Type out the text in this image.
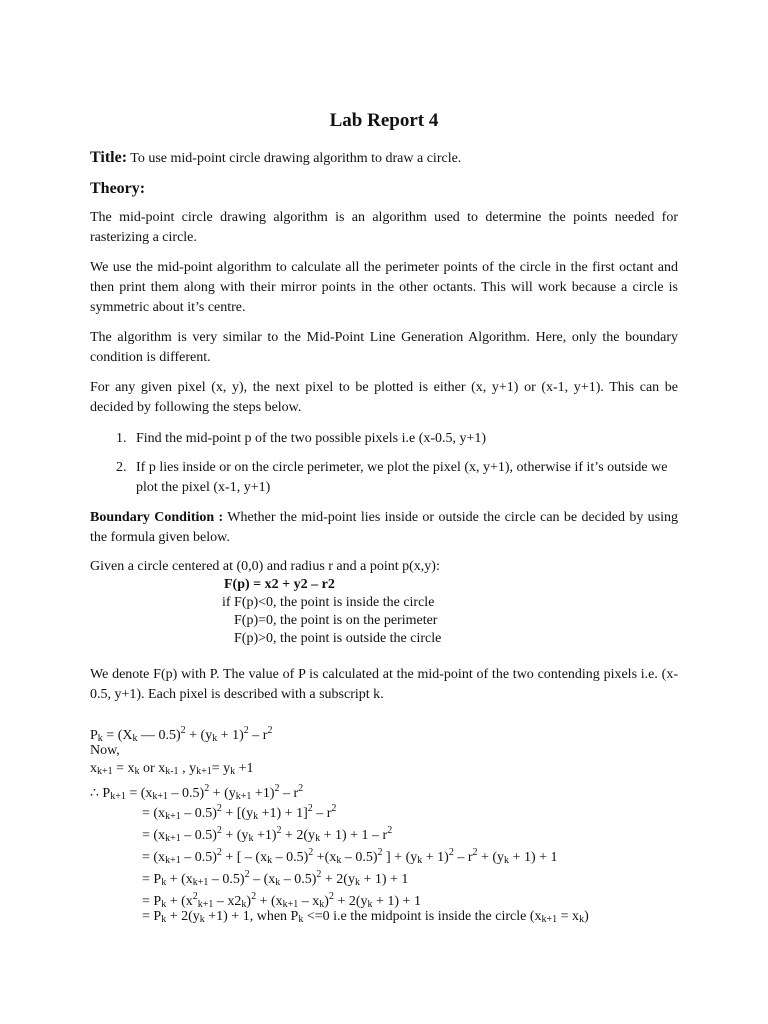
Lab Report 4
Title: To use mid-point circle drawing algorithm to draw a circle.
Theory:

The mid-point circle drawing algorithm is an algorithm used to determine the points needed for rasterizing a circle.

We use the mid-point algorithm to calculate all the perimeter points of the circle in the first octant and then print them along with their mirror points in the other octants. This will work because a circle is symmetric about it’s centre.

The algorithm is very similar to the Mid-Point Line Generation Algorithm. Here, only the boundary condition is different.

For any given pixel (x, y), the next pixel to be plotted is either (x, y+1) or (x-1, y+1). This can be decided by following the steps below.

1. Find the mid-point p of the two possible pixels i.e (x-0.5, y+1)
2. If p lies inside or on the circle perimeter, we plot the pixel (x, y+1), otherwise if it’s outside we plot the pixel (x-1, y+1)

Boundary Condition : Whether the mid-point lies inside or outside the circle can be decided by using the formula given below.

Given a circle centered at (0,0) and radius r and a point p(x,y):
F(p) = x2 + y2 – r2
if F(p)<0, the point is inside the circle
F(p)=0, the point is on the perimeter
F(p)>0, the point is outside the circle

We denote F(p) with P. The value of P is calculated at the mid-point of the two contending pixels i.e. (x-0.5, y+1). Each pixel is described with a subscript k.

$P_k = (X_k$ — $0.5)^2 + (y_k + 1)^2 - r^2$
Now,
$x_{k+1} = x_k$ or $x_{k-1}$ , $y_{k+1}= y_k +1$
∴ $P_{k+1} = (x_{k+1} - 0.5)^2 + (y_{k+1} +1)^2 - r^2$
= $(x_{k+1} - 0.5)^2 + [(y_k +1) + 1]^2 - r^2$
= $(x_{k+1} - 0.5)^2 + (y_k +1)^2 + 2(y_k + 1) + 1 - r^2$
= $(x_{k+1} - 0.5)^2$ + [ – $(x_k - 0.5)^2 +(x_k - 0.5)^2$ ] + $(y_k + 1)^2 - r^2 + (y_k + 1) + 1$
= $P_k + (x_{k+1} - 0.5)^2 - (x_k - 0.5)^2 + 2(y_k + 1) + 1$
= $P_k + (x^2_{k+1} - x2_k)^2 + (x_{k+1} - x_k)^2 + 2(y_k + 1) + 1$
= $P_k + 2(y_k +1) + 1$, when $P_k <=0$ i.e the midpoint is inside the circle $(x_{k+1} = x_k)$
